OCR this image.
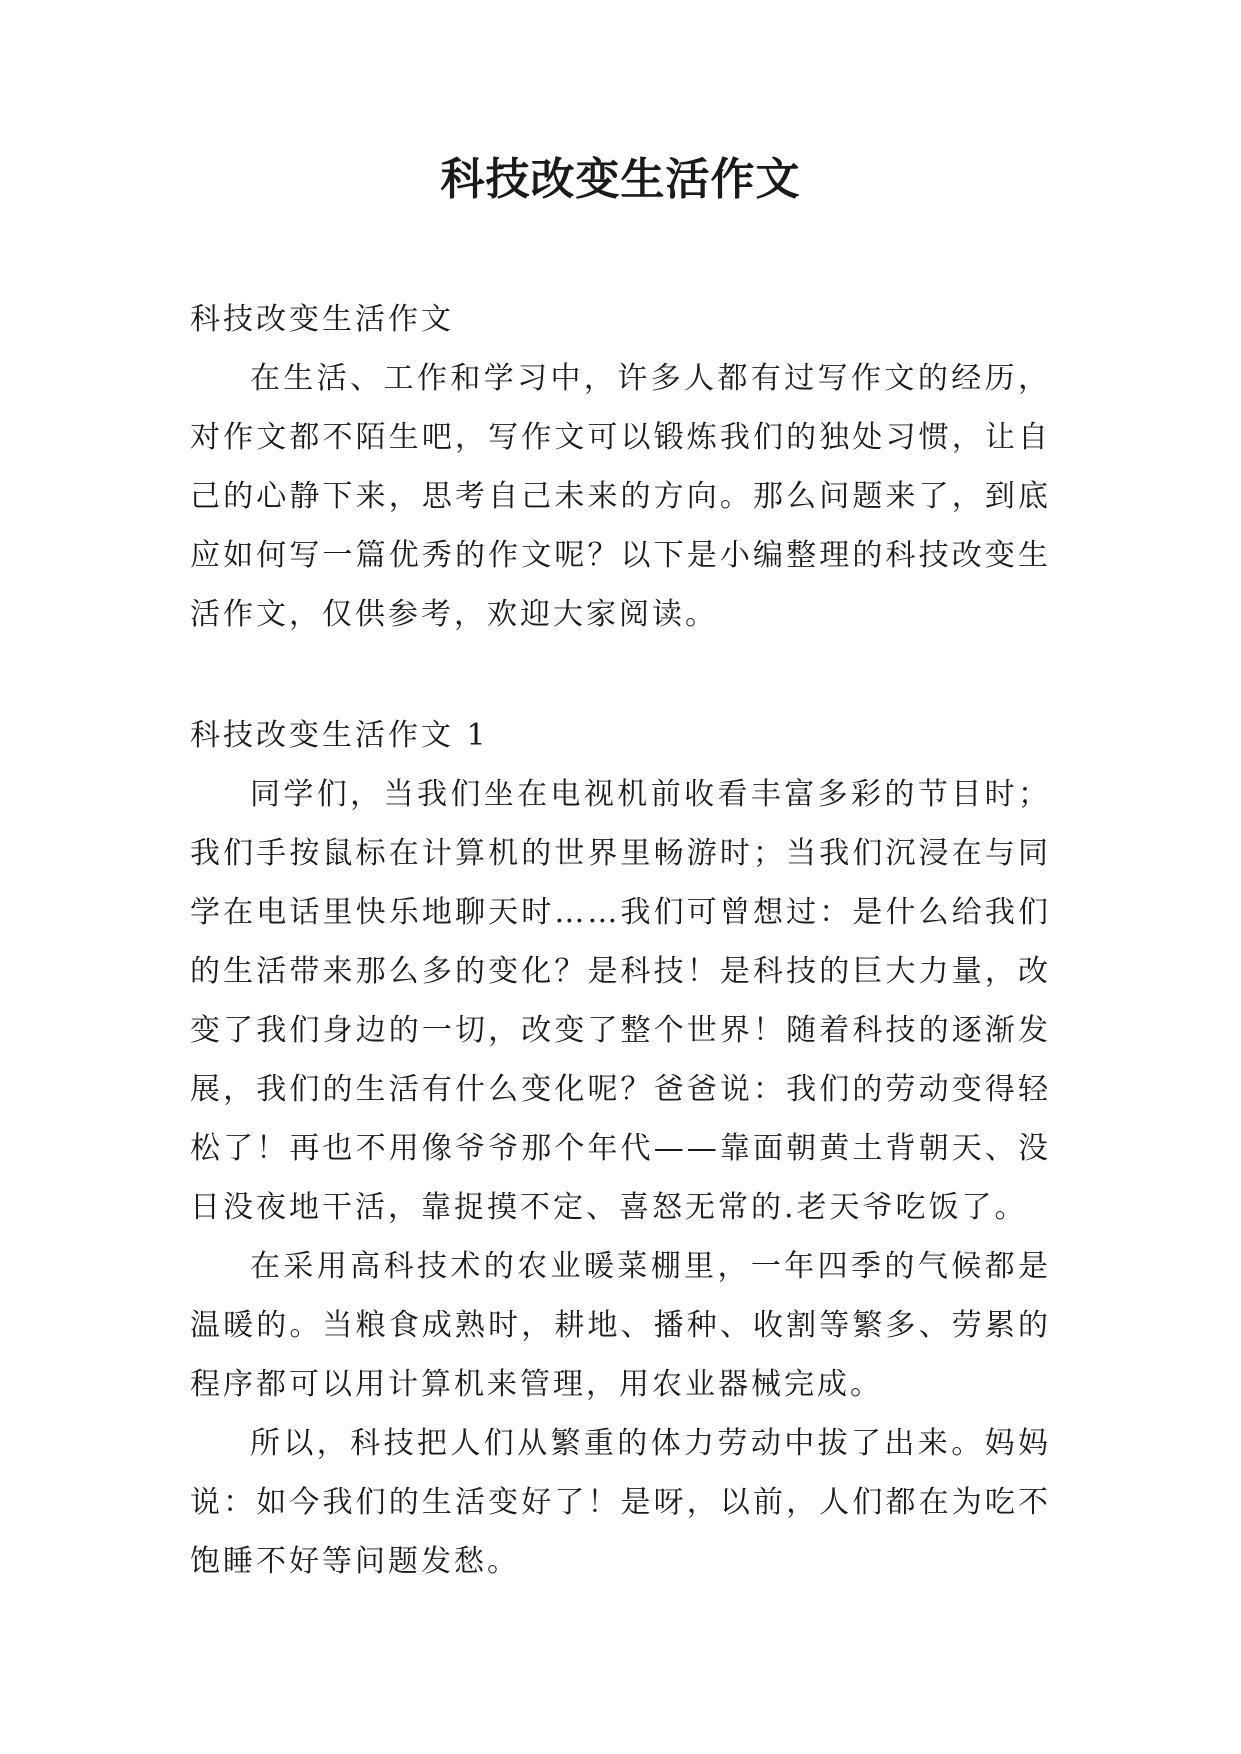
科技改变生活作文

科技改变生活作文

在生活、工作和学习中，许多人都有过写作文的经历，对作文都不陌生吧，写作文可以锻炼我们的独处习惯，让自己的心静下来，思考自己未来的方向。那么问题来了，到底应如何写一篇优秀的作文呢？以下是小编整理的科技改变生活作文，仅供参考，欢迎大家阅读。

科技改变生活作文 1

同学们，当我们坐在电视机前收看丰富多彩的节目时；我们手按鼠标在计算机的世界里畅游时；当我们沉浸在与同学在电话里快乐地聊天时……我们可曾想过：是什么给我们的生活带来那么多的变化？是科技！是科技的巨大力量，改变了我们身边的一切，改变了整个世界！随着科技的逐渐发展，我们的生活有什么变化呢？爸爸说：我们的劳动变得轻松了！再也不用像爷爷那个年代——靠面朝黄土背朝天、没日没夜地干活，靠捉摸不定、喜怒无常的.老天爷吃饭了。

在采用高科技术的农业暖菜棚里，一年四季的气候都是温暖的。当粮食成熟时，耕地、播种、收割等繁多、劳累的程序都可以用计算机来管理，用农业器械完成。

所以，科技把人们从繁重的体力劳动中拔了出来。妈妈说：如今我们的生活变好了！是呀，以前，人们都在为吃不饱睡不好等问题发愁。
